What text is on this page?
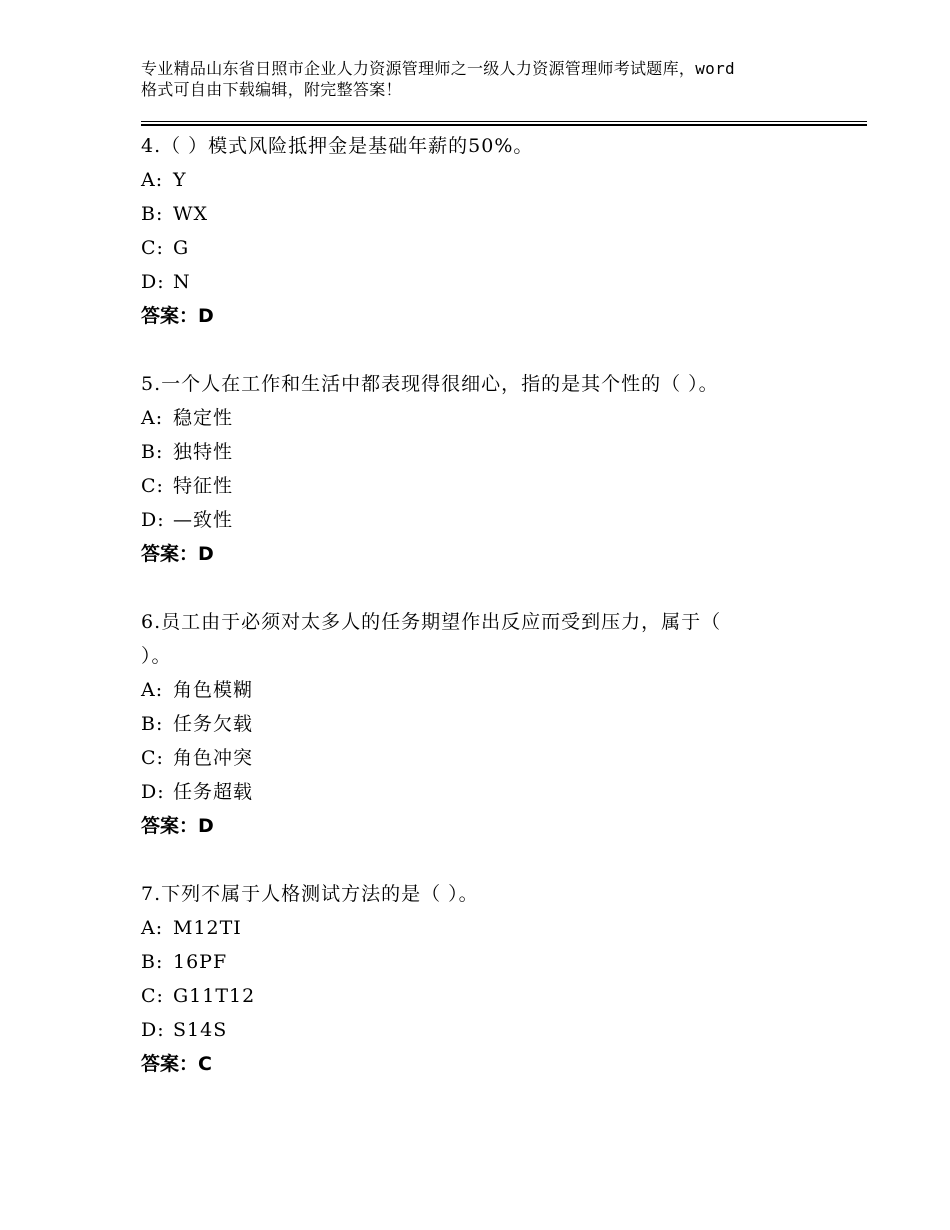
专业精品山东省日照市企业人力资源管理师之一级人力资源管理师考试题库，word
格式可自由下载编辑，附完整答案！
4.（ ）模式风险抵押金是基础年薪的50%。
A: Y
B: WX
C: G
D: N
答案：D
5.一个人在工作和生活中都表现得很细心，指的是其个性的（ ）。
A: 稳定性
B: 独特性
C: 特征性
D: —致性
答案：D
6.员工由于必须对太多人的任务期望作出反应而受到压力，属于（ ）。
A: 角色模糊
B: 任务欠载
C: 角色冲突
D: 任务超载
答案：D
7.下列不属于人格测试方法的是（ ）。
A: M12TI
B: 16PF
C: G11T12
D: S14S
答案：C
